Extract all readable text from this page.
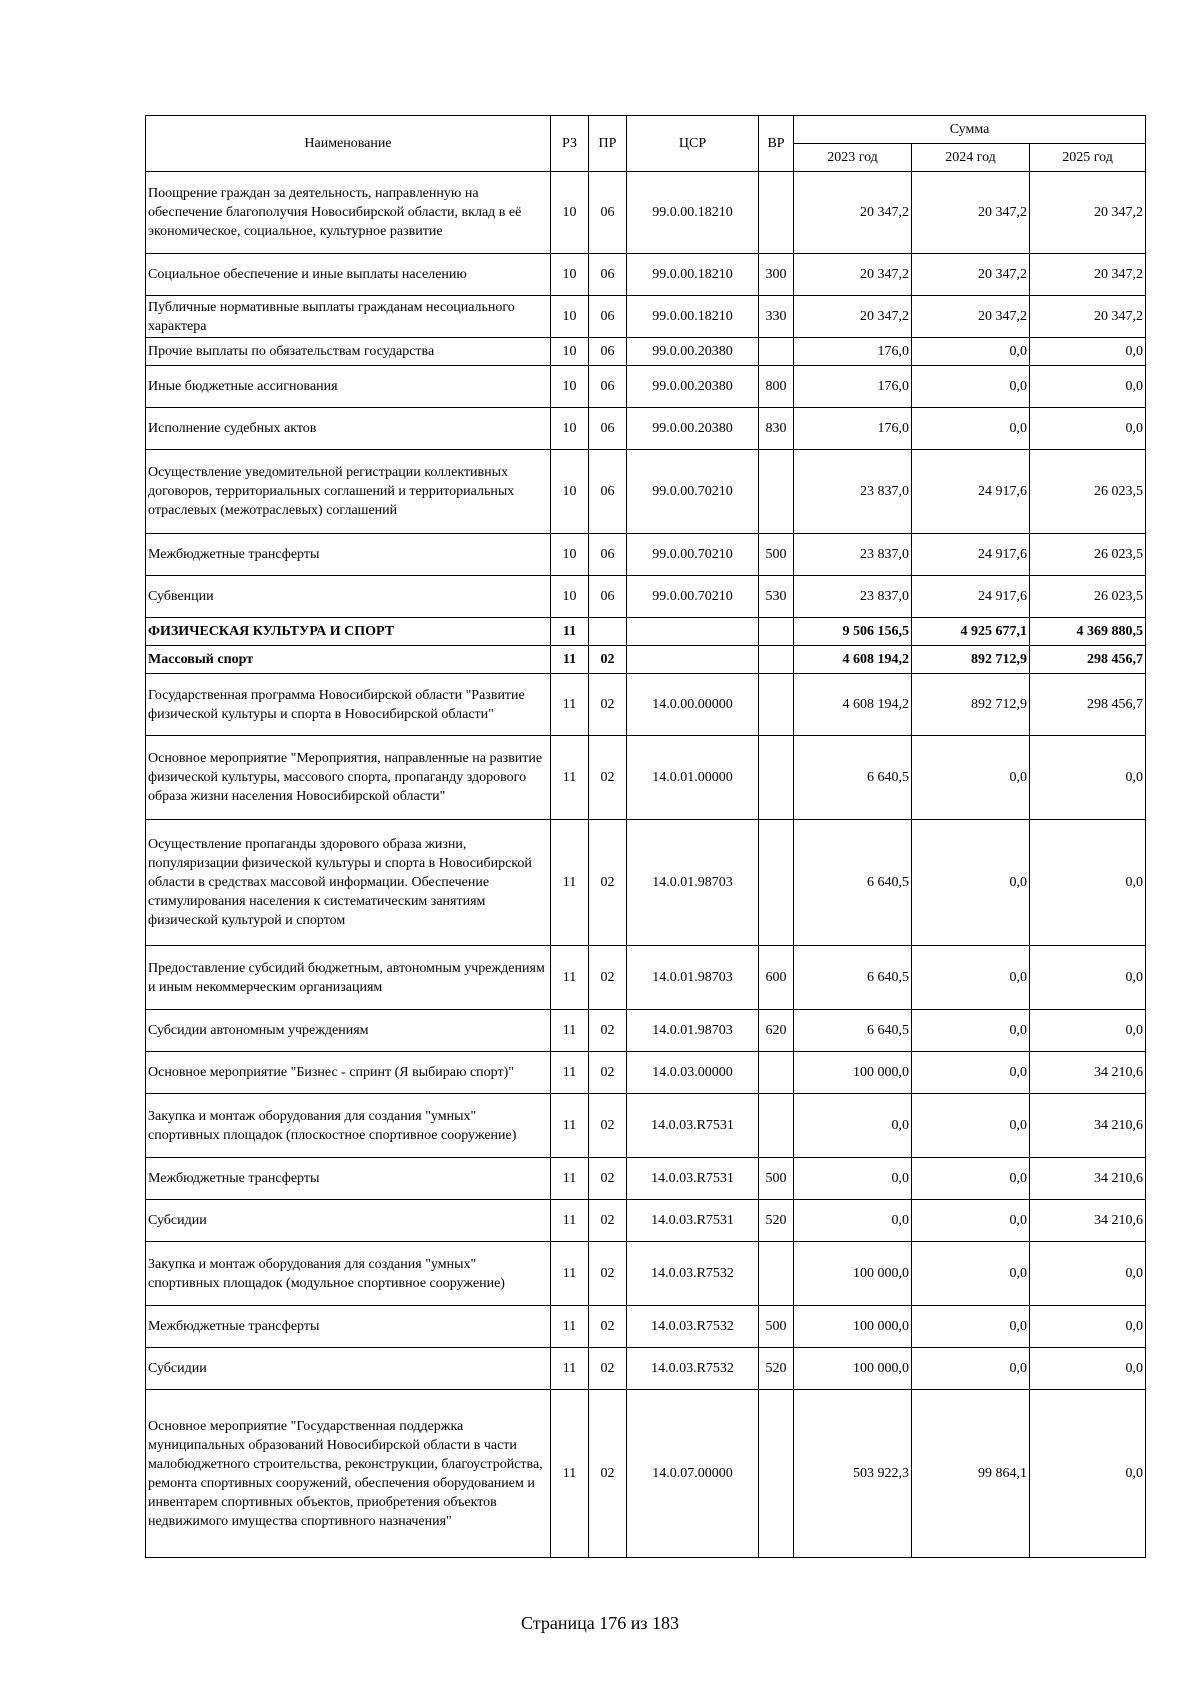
Наименование	РЗ	ПР	ЦСР	ВР	Сумма		
					2023 год	2024 год	2025 год
Поощрение граждан за деятельность, направленную на обеспечение благополучия Новосибирской области, вклад в её экономическое, социальное, культурное развитие	10	06	99.0.00.18210		20 347,2	20 347,2	20 347,2
Социальное обеспечение и иные выплаты населению	10	06	99.0.00.18210	300	20 347,2	20 347,2	20 347,2
Публичные нормативные выплаты гражданам несоциального характера	10	06	99.0.00.18210	330	20 347,2	20 347,2	20 347,2
Прочие выплаты по обязательствам государства	10	06	99.0.00.20380		176,0	0,0	0,0
Иные бюджетные ассигнования	10	06	99.0.00.20380	800	176,0	0,0	0,0
Исполнение судебных актов	10	06	99.0.00.20380	830	176,0	0,0	0,0
Осуществление уведомительной регистрации коллективных договоров, территориальных соглашений и территориальных отраслевых (межотраслевых) соглашений	10	06	99.0.00.70210		23 837,0	24 917,6	26 023,5
Межбюджетные трансферты	10	06	99.0.00.70210	500	23 837,0	24 917,6	26 023,5
Субвенции	10	06	99.0.00.70210	530	23 837,0	24 917,6	26 023,5
ФИЗИЧЕСКАЯ КУЛЬТУРА И СПОРТ	11				9 506 156,5	4 925 677,1	4 369 880,5
Массовый спорт	11	02			4 608 194,2	892 712,9	298 456,7
Государственная программа Новосибирской области "Развитие физической культуры и спорта в Новосибирской области"	11	02	14.0.00.00000		4 608 194,2	892 712,9	298 456,7
Основное мероприятие "Мероприятия, направленные на развитие физической культуры, массового спорта, пропаганду здорового образа жизни населения Новосибирской области"	11	02	14.0.01.00000		6 640,5	0,0	0,0
Осуществление пропаганды здорового образа жизни, популяризации физической культуры и спорта в Новосибирской области в средствах массовой информации. Обеспечение стимулирования населения к систематическим занятиям физической культурой и спортом	11	02	14.0.01.98703		6 640,5	0,0	0,0
Предоставление субсидий бюджетным, автономным учреждениям и иным некоммерческим организациям	11	02	14.0.01.98703	600	6 640,5	0,0	0,0
Субсидии автономным учреждениям	11	02	14.0.01.98703	620	6 640,5	0,0	0,0
Основное мероприятие "Бизнес - спринт (Я выбираю спорт)"	11	02	14.0.03.00000		100 000,0	0,0	34 210,6
Закупка и монтаж оборудования для создания "умных" спортивных площадок (плоскостное спортивное сооружение)	11	02	14.0.03.R7531		0,0	0,0	34 210,6
Межбюджетные трансферты	11	02	14.0.03.R7531	500	0,0	0,0	34 210,6
Субсидии	11	02	14.0.03.R7531	520	0,0	0,0	34 210,6
Закупка и монтаж оборудования для создания "умных" спортивных площадок (модульное спортивное сооружение)	11	02	14.0.03.R7532		100 000,0	0,0	0,0
Межбюджетные трансферты	11	02	14.0.03.R7532	500	100 000,0	0,0	0,0
Субсидии	11	02	14.0.03.R7532	520	100 000,0	0,0	0,0
Основное мероприятие "Государственная поддержка муниципальных образований Новосибирской области в части малобюджетного строительства, реконструкции, благоустройства, ремонта спортивных сооружений, обеспечения оборудованием и инвентарем спортивных объектов, приобретения объектов недвижимого имущества спортивного назначения"	11	02	14.0.07.00000		503 922,3	99 864,1	0,0
Страница 176 из 183
